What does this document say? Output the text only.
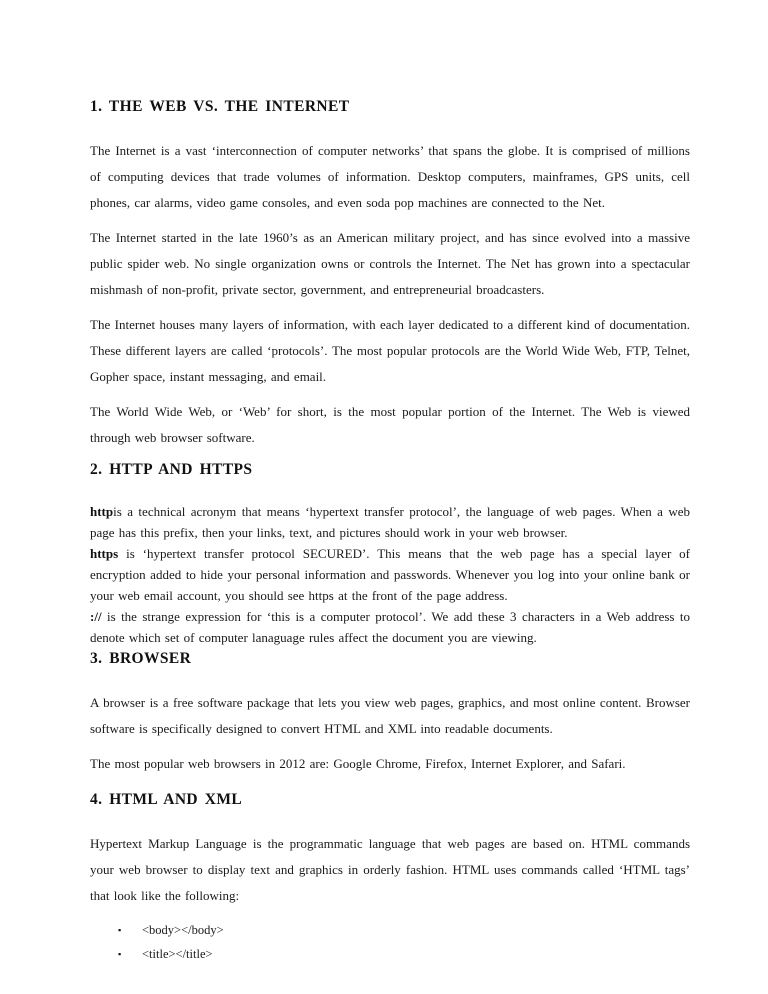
1. THE WEB VS. THE INTERNET

The Internet is a vast ‘interconnection of computer networks’ that spans the globe. It is comprised of millions of computing devices that trade volumes of information. Desktop computers, mainframes, GPS units, cell phones, car alarms, video game consoles, and even soda pop machines are connected to the Net.

The Internet started in the late 1960’s as an American military project, and has since evolved into a massive public spider web. No single organization owns or controls the Internet. The Net has grown into a spectacular mishmash of non-profit, private sector, government, and entrepreneurial broadcasters.

The Internet houses many layers of information, with each layer dedicated to a different kind of documentation. These different layers are called ‘protocols’. The most popular protocols are the World Wide Web, FTP, Telnet, Gopher space, instant messaging, and email.

The World Wide Web, or ‘Web’ for short, is the most popular portion of the Internet. The Web is viewed through web browser software.

2. HTTP AND HTTPS

httpis a technical acronym that means ‘hypertext transfer protocol’, the language of web pages. When a web page has this prefix, then your links, text, and pictures should work in your web browser.

https is ‘hypertext transfer protocol SECURED’. This means that the web page has a special layer of encryption added to hide your personal information and passwords. Whenever you log into your online bank or your web email account, you should see https at the front of the page address.

:// is the strange expression for ‘this is a computer protocol’. We add these 3 characters in a Web address to denote which set of computer lanaguage rules affect the document you are viewing.

3. BROWSER

A browser is a free software package that lets you view web pages, graphics, and most online content. Browser software is specifically designed to convert HTML and XML into readable documents.

The most popular web browsers in 2012 are: Google Chrome, Firefox, Internet Explorer, and Safari.

4. HTML AND XML

Hypertext Markup Language is the programmatic language that web pages are based on. HTML commands your web browser to display text and graphics in orderly fashion. HTML uses commands called ‘HTML tags’ that look like the following:

▪ <body></body>
▪ <title></title>
